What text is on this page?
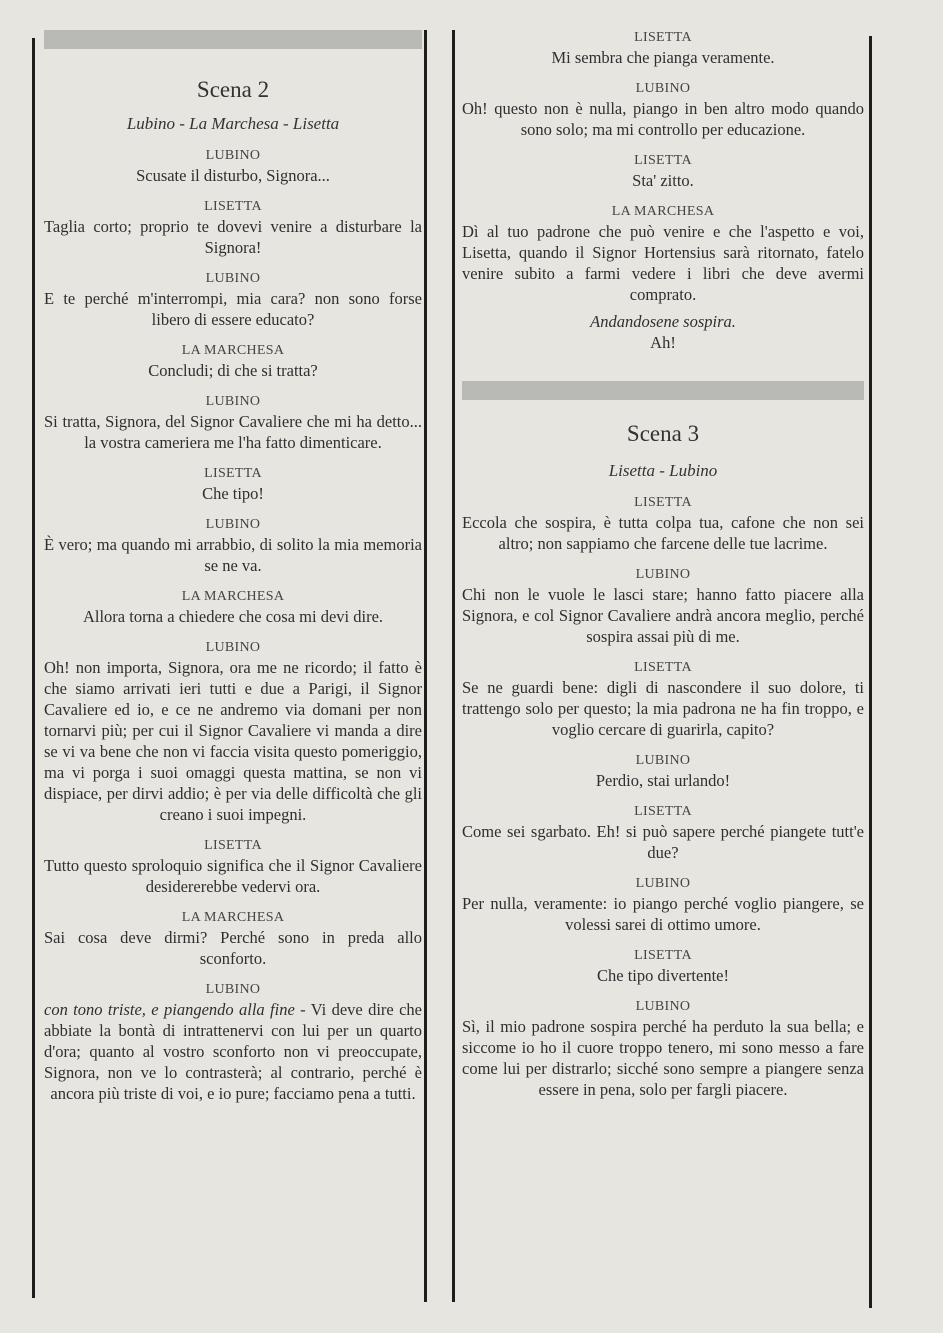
Scena 2
Lubino - La Marchesa - Lisetta
LUBINO
Scusate il disturbo, Signora...
LISETTA
Taglia corto; proprio te dovevi venire a disturbare la Signora!
LUBINO
E te perché m'interrompi, mia cara? non sono forse libero di essere educato?
LA MARCHESA
Concludi; di che si tratta?
LUBINO
Si tratta, Signora, del Signor Cavaliere che mi ha detto... la vostra cameriera me l'ha fatto dimenticare.
LISETTA
Che tipo!
LUBINO
È vero; ma quando mi arrabbio, di solito la mia memoria se ne va.
LA MARCHESA
Allora torna a chiedere che cosa mi devi dire.
LUBINO
Oh! non importa, Signora, ora me ne ricordo; il fatto è che siamo arrivati ieri tutti e due a Parigi, il Signor Cavaliere ed io, e ce ne andremo via domani per non tornarvi più; per cui il Signor Cavaliere vi manda a dire se vi va bene che non vi faccia visita questo pomeriggio, ma vi porga i suoi omaggi questa mattina, se non vi dispiace, per dirvi addio; è per via delle difficoltà che gli creano i suoi impegni.
LISETTA
Tutto questo sproloquio significa che il Signor Cavaliere desidererebbe vedervi ora.
LA MARCHESA
Sai cosa deve dirmi? Perché sono in preda allo sconforto.
LUBINO
con tono triste, e piangendo alla fine - Vi deve dire che abbiate la bontà di intrattenervi con lui per un quarto d'ora; quanto al vostro sconforto non vi preoccupate, Signora, non ve lo contrasterà; al contrario, perché è ancora più triste di voi, e io pure; facciamo pena a tutti.
LISETTA
Mi sembra che pianga veramente.
LUBINO
Oh! questo non è nulla, piango in ben altro modo quando sono solo; ma mi controllo per educazione.
LISETTA
Sta' zitto.
LA MARCHESA
Dì al tuo padrone che può venire e che l'aspetto e voi, Lisetta, quando il Signor Hortensius sarà ritornato, fatelo venire subito a farmi vedere i libri che deve avermi comprato.
Andandosene sospira.
Ah!
Scena 3
Lisetta - Lubino
LISETTA
Eccola che sospira, è tutta colpa tua, cafone che non sei altro; non sappiamo che farcene delle tue lacrime.
LUBINO
Chi non le vuole le lasci stare; hanno fatto piacere alla Signora, e col Signor Cavaliere andrà ancora meglio, perché sospira assai più di me.
LISETTA
Se ne guardi bene: digli di nascondere il suo dolore, ti trattengo solo per questo; la mia padrona ne ha fin troppo, e voglio cercare di guarirla, capito?
LUBINO
Perdio, stai urlando!
LISETTA
Come sei sgarbato. Eh! si può sapere perché piangete tutt'e due?
LUBINO
Per nulla, veramente: io piango perché voglio piangere, se volessi sarei di ottimo umore.
LISETTA
Che tipo divertente!
LUBINO
Sì, il mio padrone sospira perché ha perduto la sua bella; e siccome io ho il cuore troppo tenero, mi sono messo a fare come lui per distrarlo; sicché sono sempre a piangere senza essere in pena, solo per fargli piacere.
